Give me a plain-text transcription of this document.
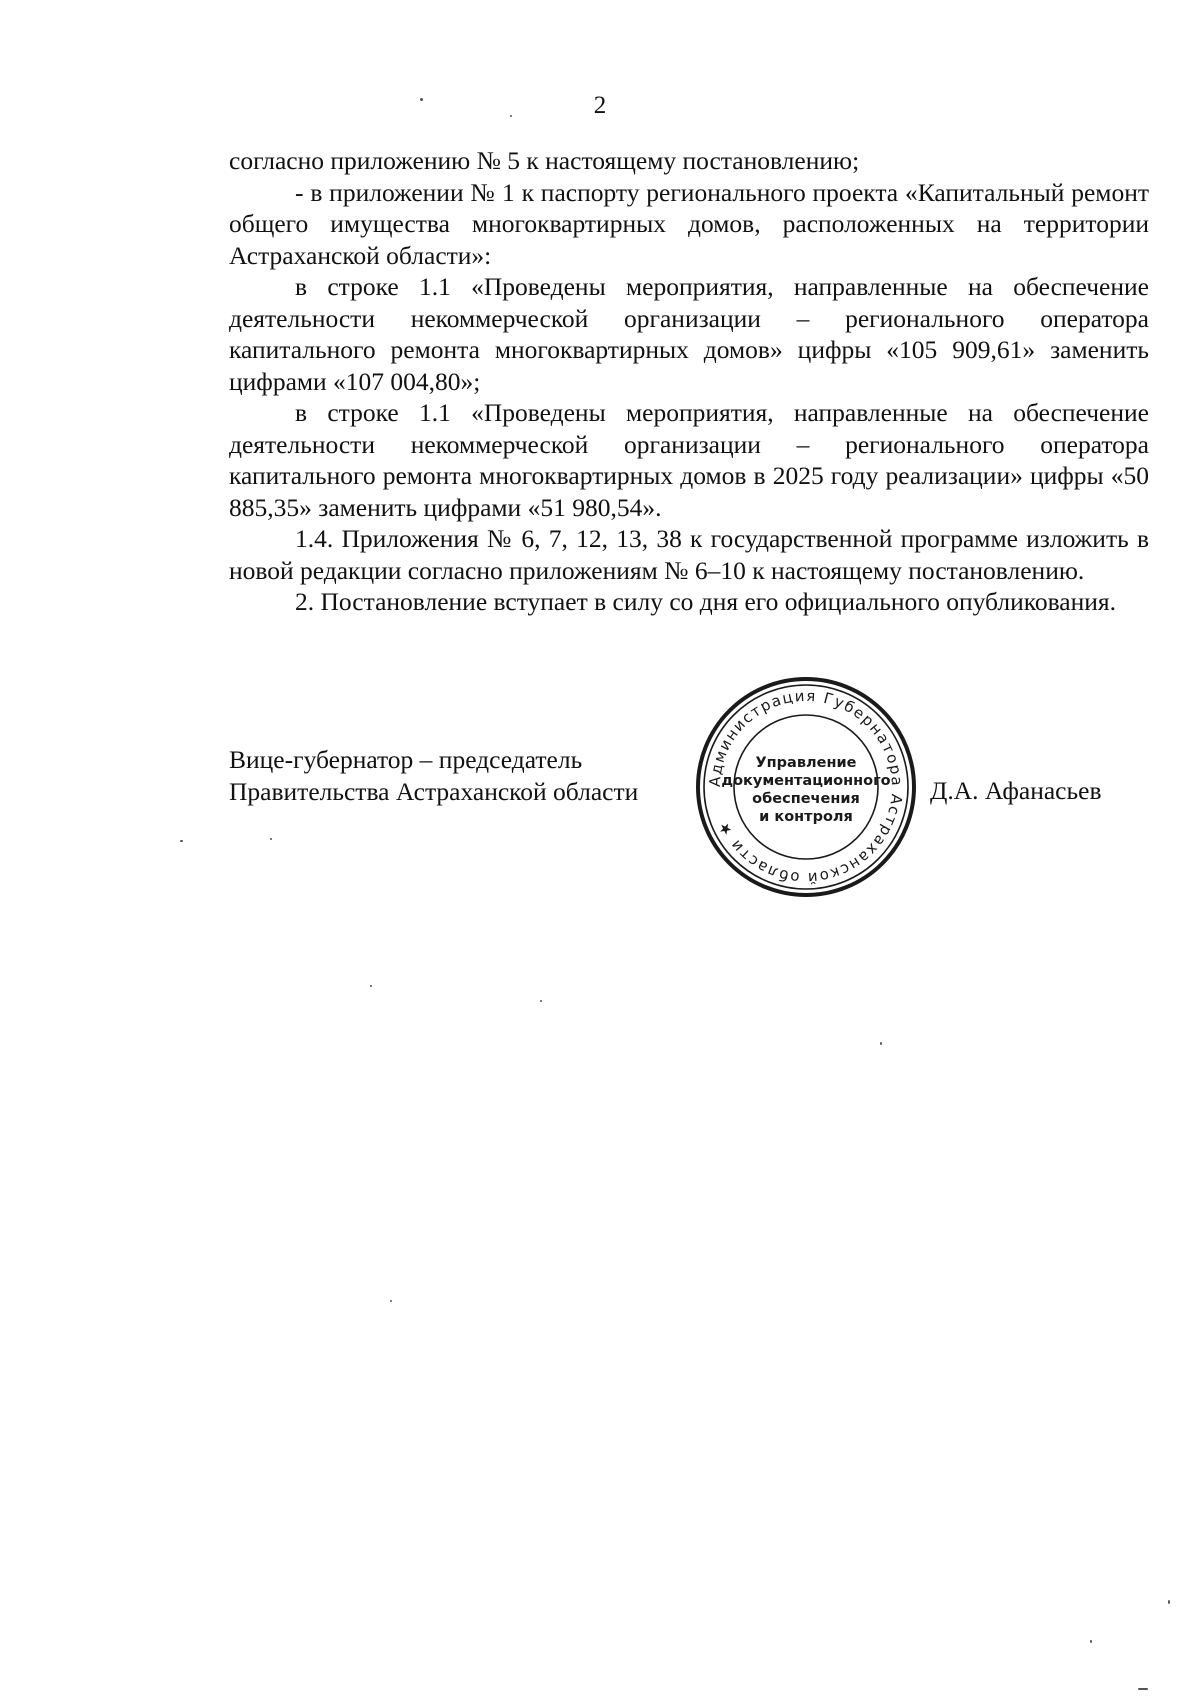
2

согласно приложению № 5 к настоящему постановлению;

- в приложении № 1 к паспорту регионального проекта «Капитальный ремонт общего имущества многоквартирных домов, расположенных на территории Астраханской области»:

в строке 1.1 «Проведены мероприятия, направленные на обеспечение деятельности некоммерческой организации – регионального оператора капитального ремонта многоквартирных домов» цифры «105 909,61» заменить цифрами «107 004,80»;

в строке 1.1 «Проведены мероприятия, направленные на обеспечение деятельности некоммерческой организации – регионального оператора капитального ремонта многоквартирных домов в 2025 году реализации» цифры «50 885,35» заменить цифрами «51 980,54».

1.4. Приложения № 6, 7, 12, 13, 38 к государственной программе изложить в новой редакции согласно приложениям № 6–10 к настоящему постановлению.

2. Постановление вступает в силу со дня его официального опубликования.

Вице-губернатор – председатель
Правительства Астраханской области	Администрация Губернатора Астраханской области ★
Управление документационного обеспечения и контроля
Д.А. Афанасьев
